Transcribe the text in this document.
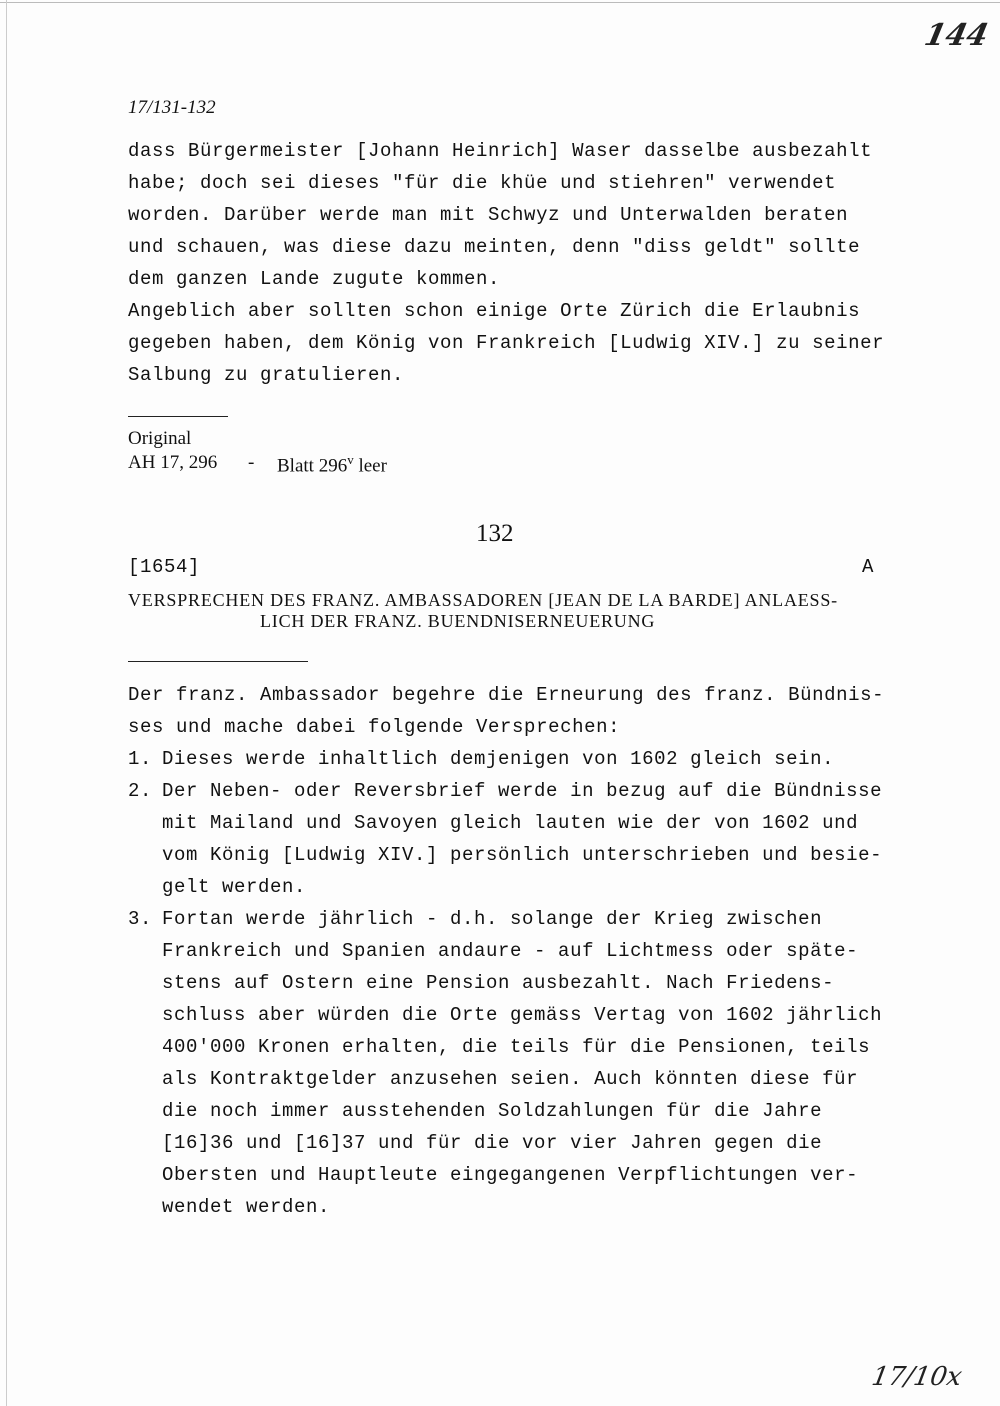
144
17/131-132
dass Bürgermeister [Johann Heinrich] Waser dasselbe ausbezahlt
habe; doch sei dieses "für die khüe und stiehren" verwendet
worden. Darüber werde man mit Schwyz und Unterwalden beraten
und schauen, was diese dazu meinten, denn "diss geldt" sollte
dem ganzen Lande zugute kommen.
Angeblich aber sollten schon einige Orte Zürich die Erlaubnis
gegeben haben, dem König von Frankreich [Ludwig XIV.] zu seiner
Salbung zu gratulieren.
Original
AH 17, 296 - Blatt 296$^v$ leer
132
[1654]	A
VERSPRECHEN DES FRANZ. AMBASSADOREN [JEAN DE LA BARDE] ANLAESS-
LICH DER FRANZ. BUENDNISERNEUERUNG
Der franz. Ambassador begehre die Erneurung des franz. Bündnis-
ses und mache dabei folgende Versprechen:
1. Dieses werde inhaltlich demjenigen von 1602 gleich sein.
2. Der Neben- oder Reversbrief werde in bezug auf die Bündnisse
mit Mailand und Savoyen gleich lauten wie der von 1602 und
vom König [Ludwig XIV.] persönlich unterschrieben und besie-
gelt werden.
3. Fortan werde jährlich - d.h. solange der Krieg zwischen
Frankreich und Spanien andaure - auf Lichtmess oder späte-
stens auf Ostern eine Pension ausbezahlt. Nach Friedens-
schluss aber würden die Orte gemäss Vertag von 1602 jährlich
400'000 Kronen erhalten, die teils für die Pensionen, teils
als Kontraktgelder anzusehen seien. Auch könnten diese für
die noch immer ausstehenden Soldzahlungen für die Jahre
[16]36 und [16]37 und für die vor vier Jahren gegen die
Obersten und Hauptleute eingegangenen Verpflichtungen ver-
wendet werden.
17/10x
